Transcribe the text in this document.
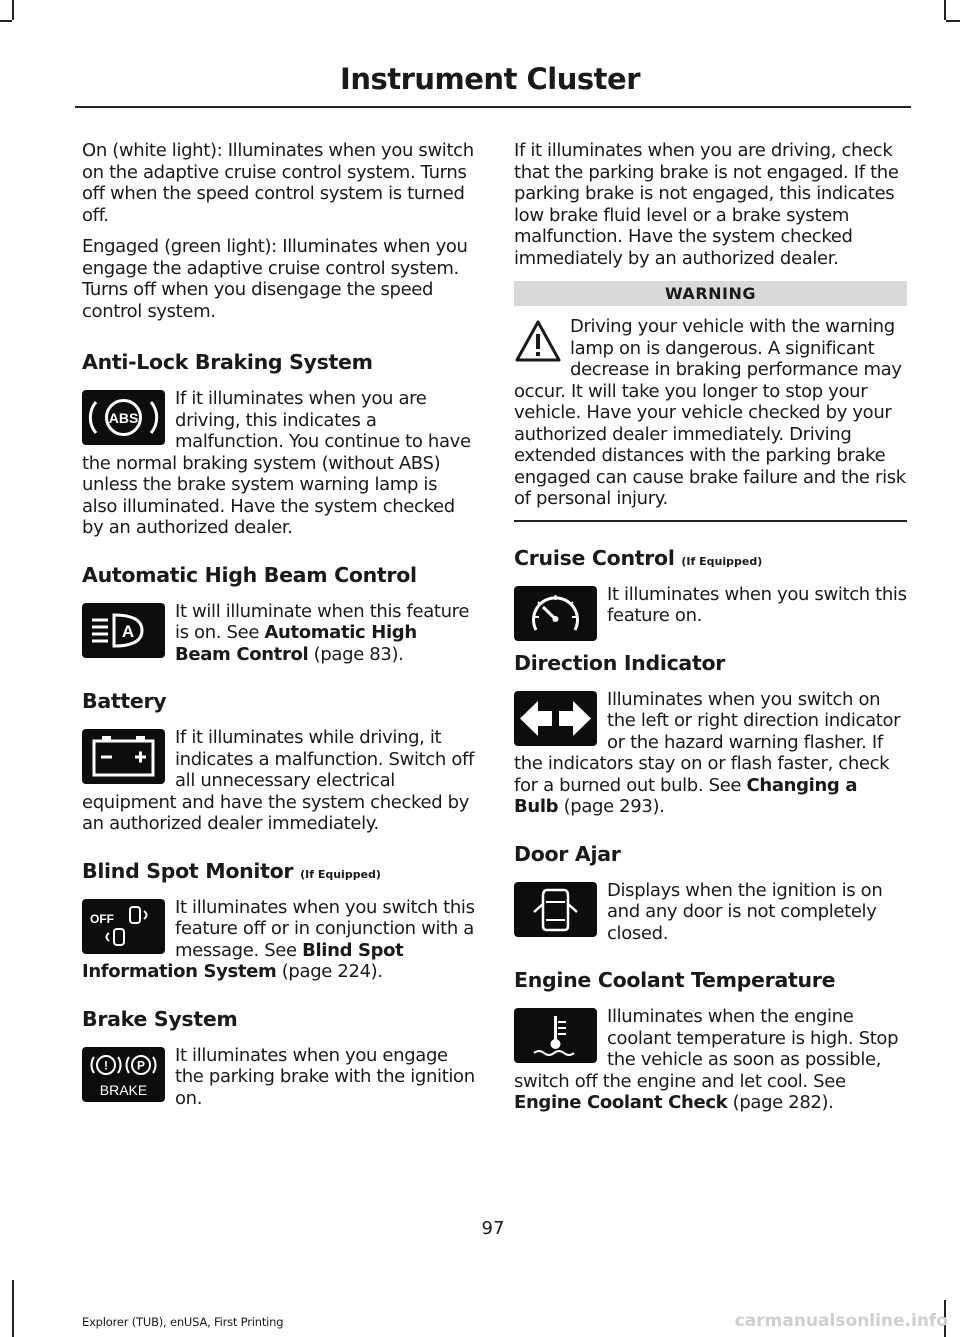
Instrument Cluster

On (white light): Illuminates when you switch on the adaptive cruise control system. Turns off when the speed control system is turned off.

Engaged (green light): Illuminates when you engage the adaptive cruise control system. Turns off when you disengage the speed control system.

Anti-Lock Braking System
ABS

If it illuminates when you are driving, this indicates a malfunction. You continue to have the normal braking system (without ABS) unless the brake system warning lamp is also illuminated. Have the system checked by an authorized dealer.

Automatic High Beam Control
A

It will illuminate when this feature is on. See Automatic High Beam Control (page 83).

Battery

If it illuminates while driving, it indicates a malfunction. Switch off all unnecessary electrical equipment and have the system checked by an authorized dealer immediately.

Blind Spot Monitor (If Equipped)
OFF

It illuminates when you switch this feature off or in conjunction with a message. See Blind Spot Information System (page 224).

Brake System
! P
BRAKE

It illuminates when you engage the parking brake with the ignition on.

If it illuminates when you are driving, check that the parking brake is not engaged. If the parking brake is not engaged, this indicates low brake fluid level or a brake system malfunction. Have the system checked immediately by an authorized dealer.

WARNING

Driving your vehicle with the warning lamp on is dangerous. A significant decrease in braking performance may occur. It will take you longer to stop your vehicle. Have your vehicle checked by your authorized dealer immediately. Driving extended distances with the parking brake engaged can cause brake failure and the risk of personal injury.

Cruise Control (If Equipped)

It illuminates when you switch this feature on.

Direction Indicator

Illuminates when you switch on the left or right direction indicator or the hazard warning flasher. If the indicators stay on or flash faster, check for a burned out bulb. See Changing a Bulb (page 293).

Door Ajar

Displays when the ignition is on and any door is not completely closed.

Engine Coolant Temperature

Illuminates when the engine coolant temperature is high. Stop the vehicle as soon as possible, switch off the engine and let cool. See Engine Coolant Check (page 282).

97
Explorer (TUB), enUSA, First Printing	carmanualsonline.info
